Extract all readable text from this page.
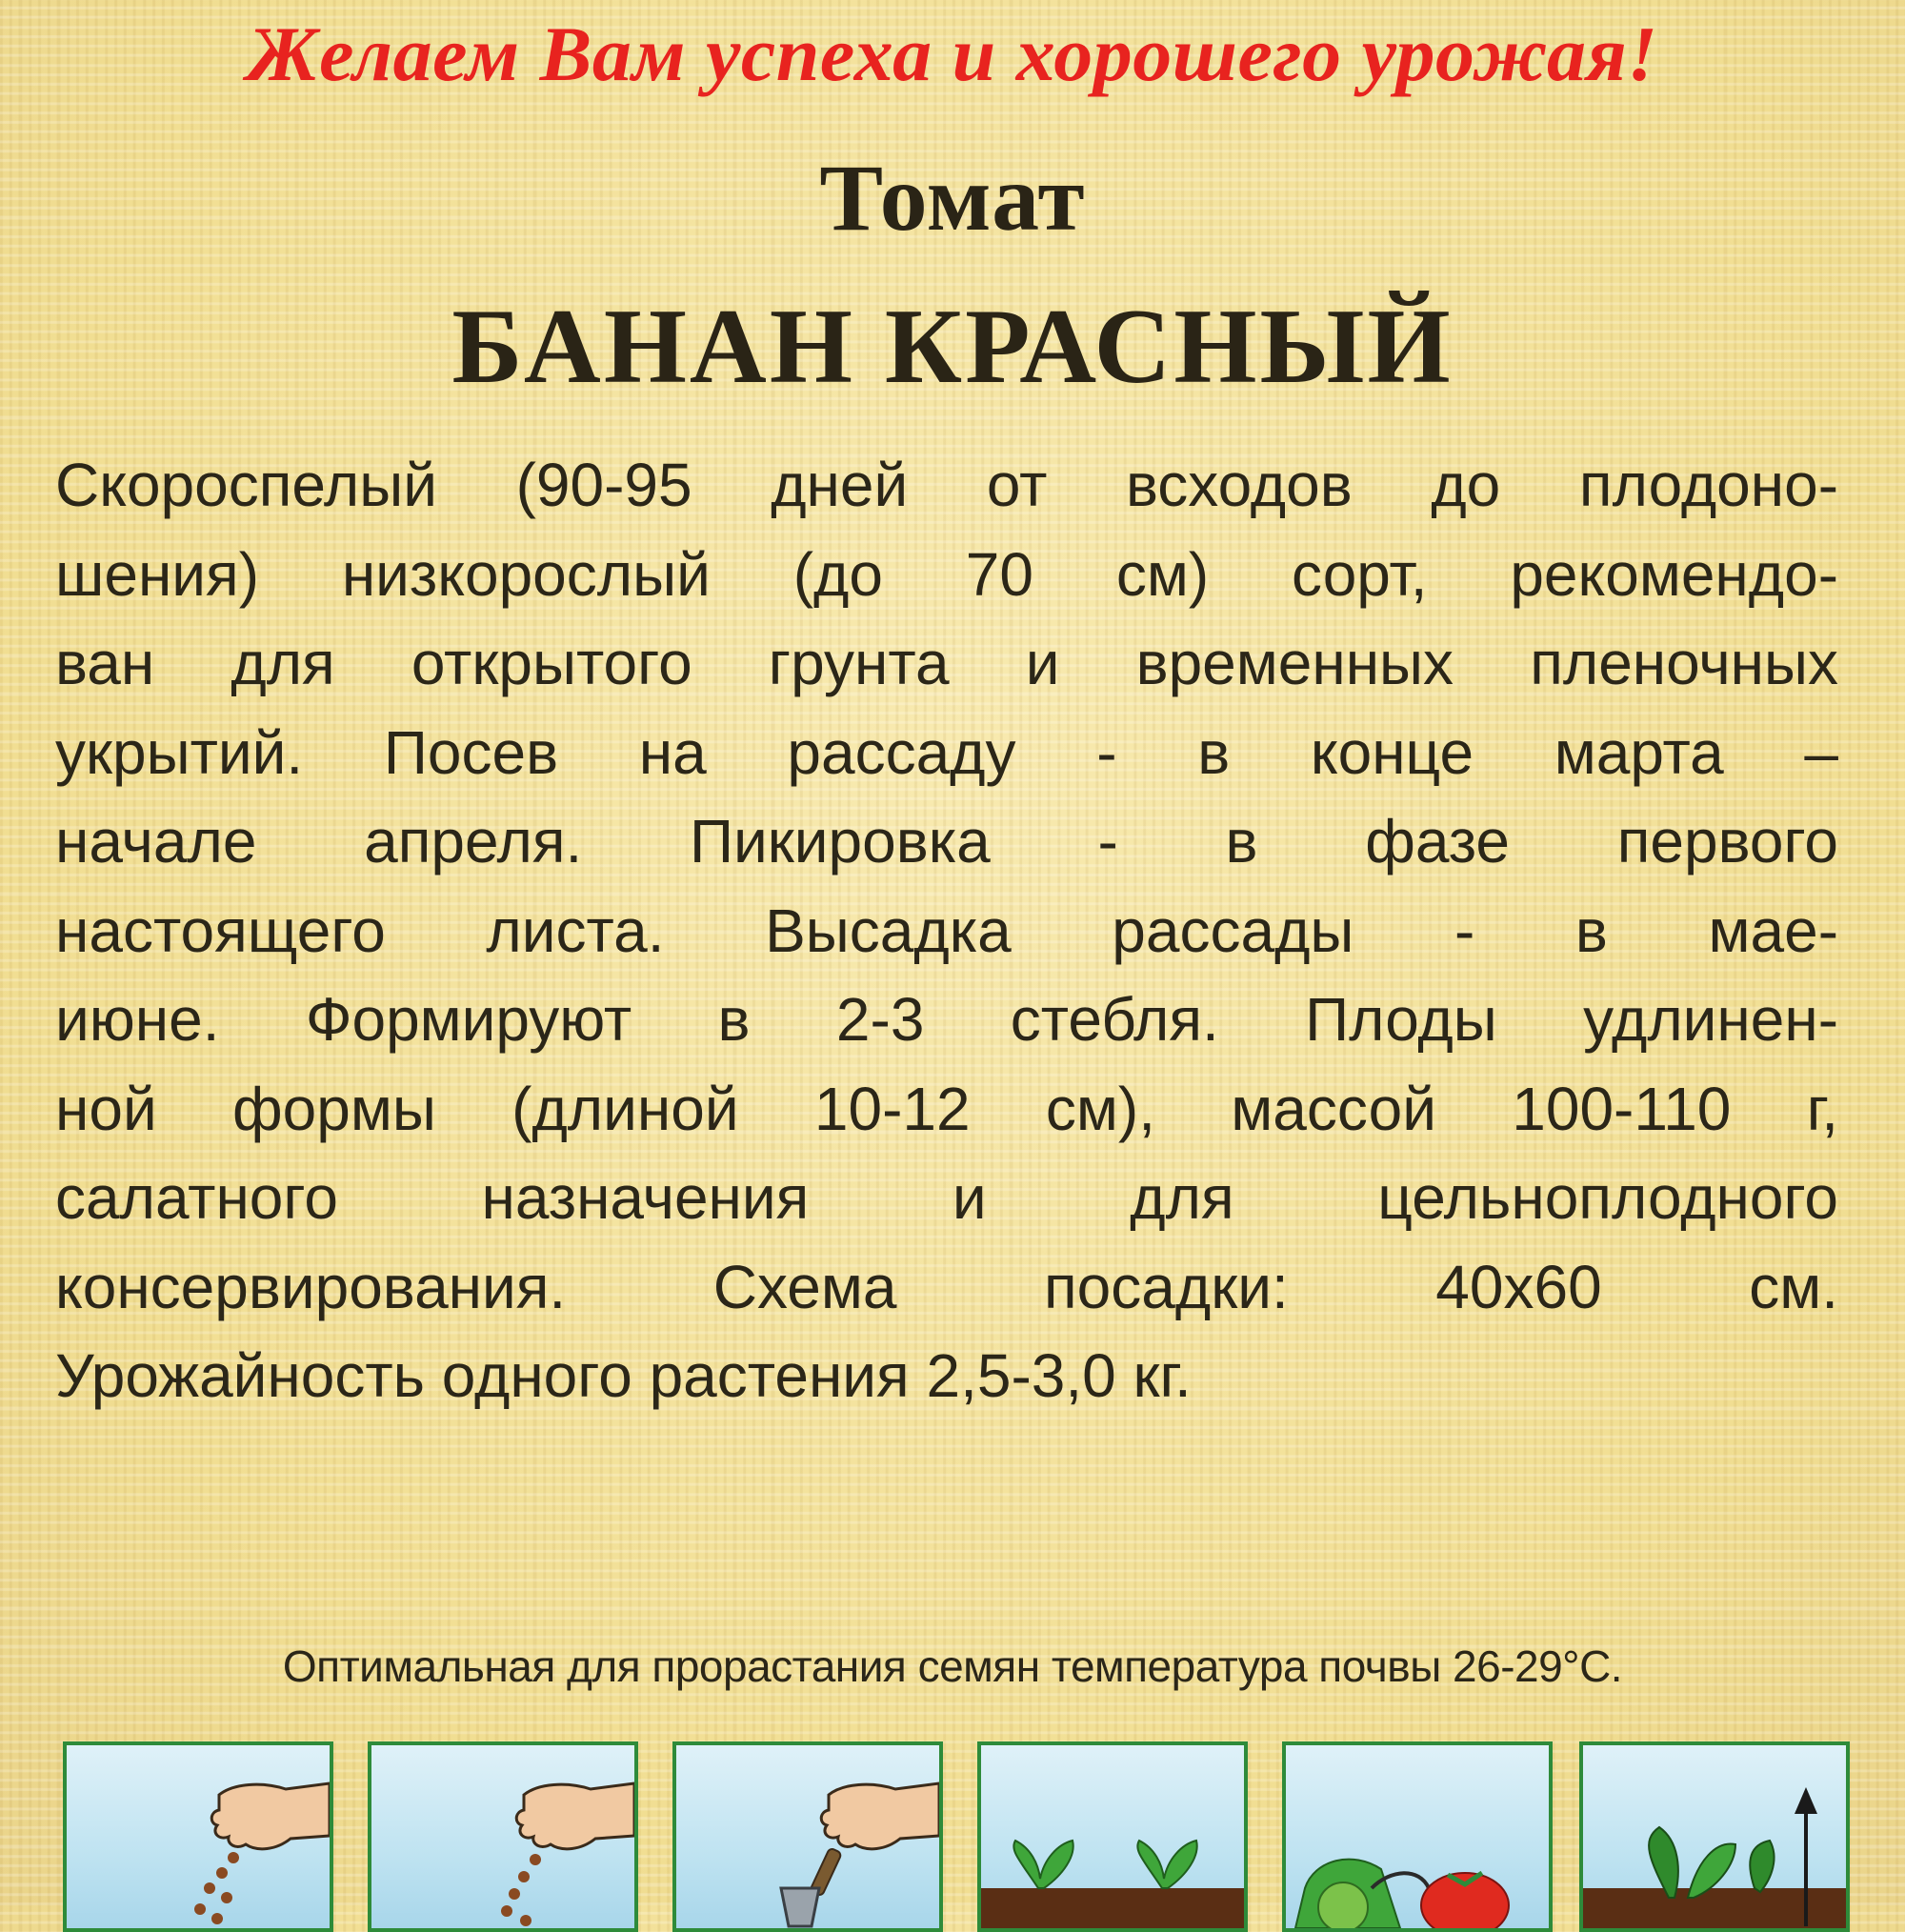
Желаем Вам успеха и хорошего урожая!
Томат
БАНАН КРАСНЫЙ
Скороспелый (90-95 дней от всходов до плодоно-
шения) низкорослый (до 70 см) сорт, рекомендо-
ван для открытого грунта и временных пленочных
укрытий. Посев на рассаду - в конце марта –
начале апреля. Пикировка - в фазе первого
настоящего листа. Высадка рассады - в мае-
июне. Формируют в 2-3 стебля. Плоды удлинен-
ной формы (длиной 10-12 см), массой 100-110 г,
салатного назначения и для цельноплодного
консервирования. Схема посадки: 40х60 см.
Урожайность одного растения 2,5-3,0 кг.
Оптимальная для прорастания семян температура почвы 26-29°С.
